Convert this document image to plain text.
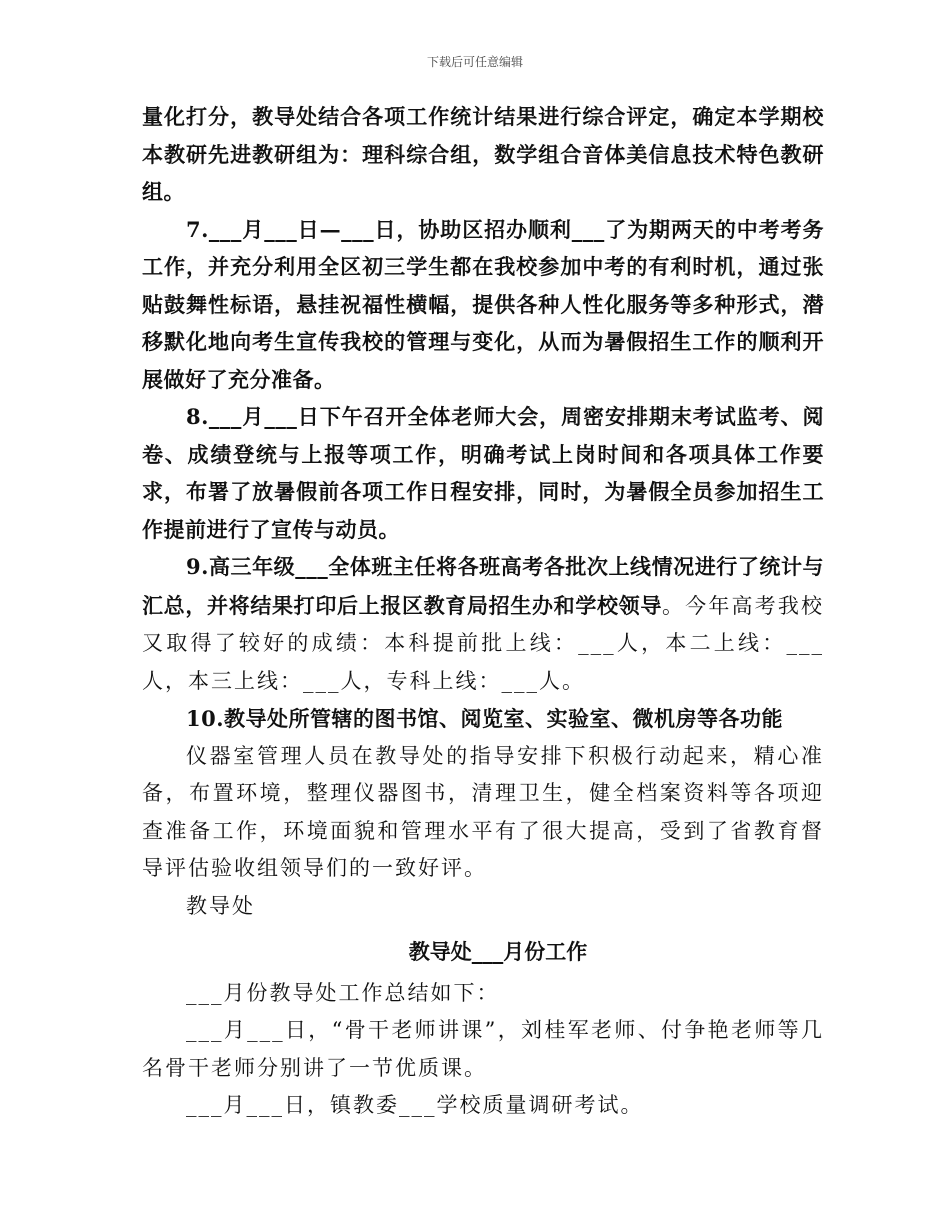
下载后可任意编辑

量化打分，教导处结合各项工作统计结果进行综合评定，确定本学期校本教研先进教研组为：理科综合组，数学组合音体美信息技术特色教研组。

7.___月___日—___日，协助区招办顺利___了为期两天的中考考务工作，并充分利用全区初三学生都在我校参加中考的有利时机，通过张贴鼓舞性标语，悬挂祝福性横幅，提供各种人性化服务等多种形式，潜移默化地向考生宣传我校的管理与变化，从而为暑假招生工作的顺利开展做好了充分准备。

8.___月___日下午召开全体老师大会，周密安排期末考试监考、阅卷、成绩登统与上报等项工作，明确考试上岗时间和各项具体工作要求，布署了放暑假前各项工作日程安排，同时，为暑假全员参加招生工作提前进行了宣传与动员。

9.高三年级___全体班主任将各班高考各批次上线情况进行了统计与汇总，并将结果打印后上报区教育局招生办和学校领导。今年高考我校又取得了较好的成绩：本科提前批上线：___人，本二上线：___人，本三上线：___人，专科上线：___人。

10.教导处所管辖的图书馆、阅览室、实验室、微机房等各功能

仪器室管理人员在教导处的指导安排下积极行动起来，精心准备，布置环境，整理仪器图书，清理卫生，健全档案资料等各项迎查准备工作，环境面貌和管理水平有了很大提高，受到了省教育督导评估验收组领导们的一致好评。

教导处

教导处___月份工作

___月份教导处工作总结如下：

___月___日，“骨干老师讲课”，刘桂军老师、付争艳老师等几名骨干老师分别讲了一节优质课。

___月___日，镇教委___学校质量调研考试。
